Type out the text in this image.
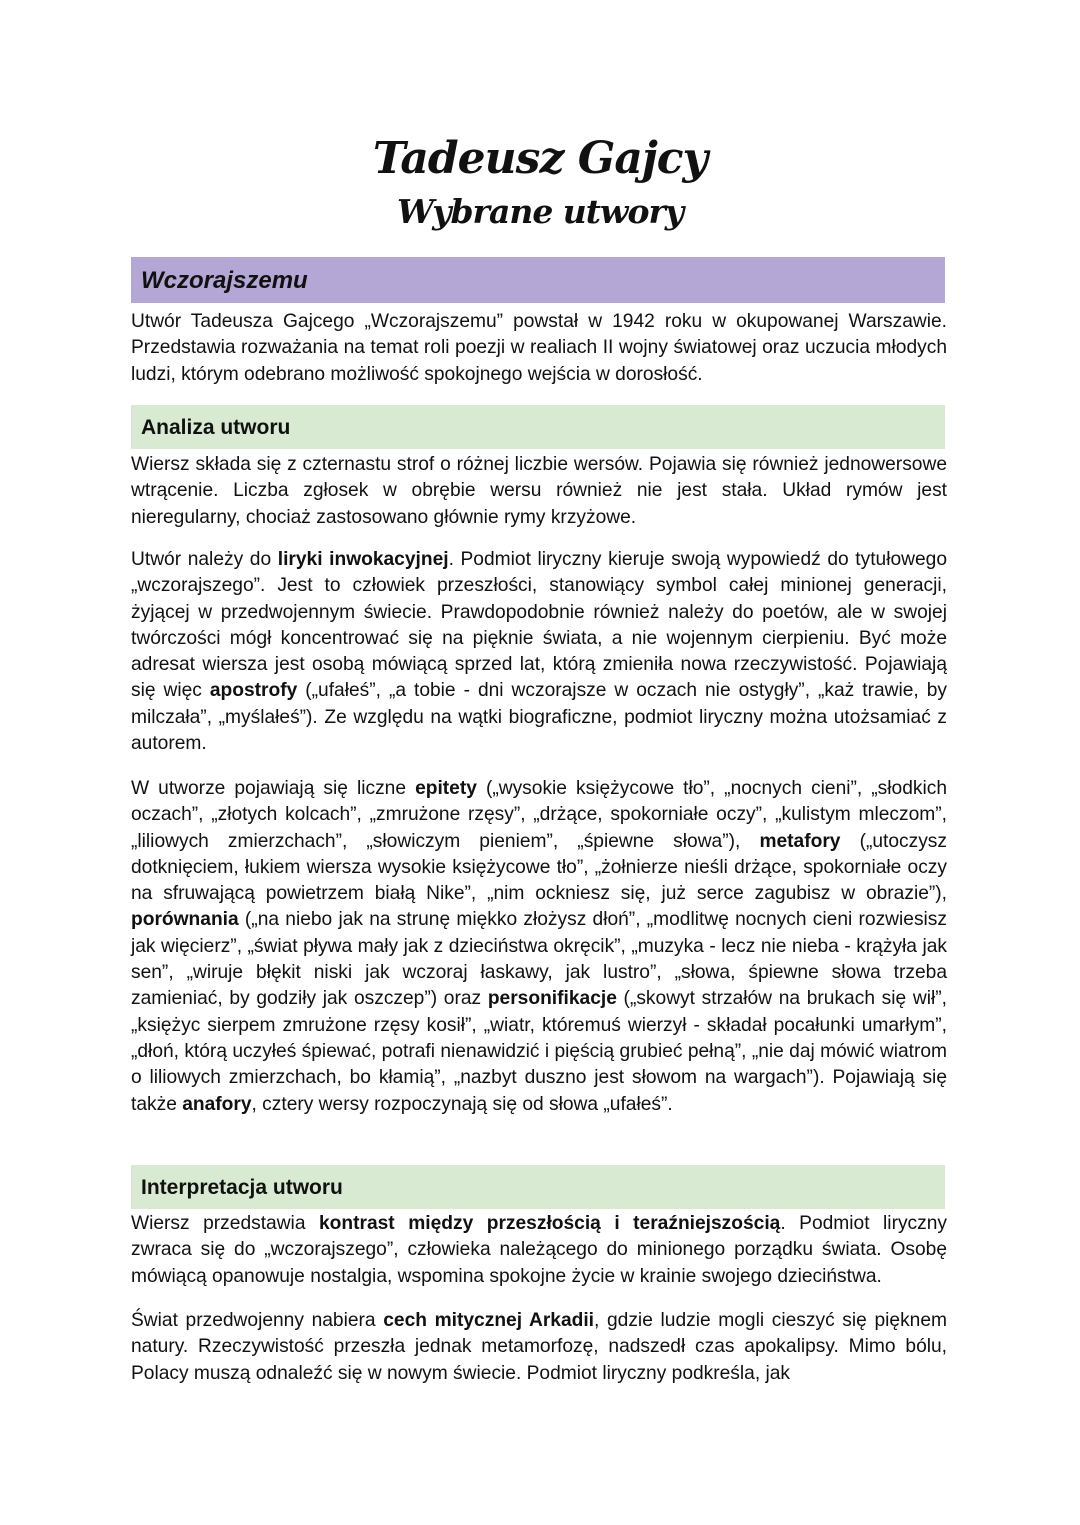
Tadeusz Gajcy
Wybrane utwory
Wczorajszemu

Utwór Tadeusza Gajcego „Wczorajszemu” powstał w 1942 roku w okupowanej Warszawie. Przedstawia rozważania na temat roli poezji w realiach II wojny światowej oraz uczucia młodych ludzi, którym odebrano możliwość spokojnego wejścia w dorosłość.

Analiza utworu

Wiersz składa się z czternastu strof o różnej liczbie wersów. Pojawia się również jednowersowe wtrącenie. Liczba zgłosek w obrębie wersu również nie jest stała. Układ rymów jest nieregularny, chociaż zastosowano głównie rymy krzyżowe.

Utwór należy do liryki inwokacyjnej. Podmiot liryczny kieruje swoją wypowiedź do tytułowego „wczorajszego”. Jest to człowiek przeszłości, stanowiący symbol całej minionej generacji, żyjącej w przedwojennym świecie. Prawdopodobnie również należy do poetów, ale w swojej twórczości mógł koncentrować się na pięknie świata, a nie wojennym cierpieniu. Być może adresat wiersza jest osobą mówiącą sprzed lat, którą zmieniła nowa rzeczywistość. Pojawiają się więc apostrofy („ufałeś”, „a tobie - dni wczorajsze w oczach nie ostygły”, „każ trawie, by milczała”, „myślałeś”). Ze względu na wątki biograficzne, podmiot liryczny można utożsamiać z autorem.

W utworze pojawiają się liczne epitety („wysokie księżycowe tło”, „nocnych cieni”, „słodkich oczach”, „złotych kolcach”, „zmrużone rzęsy”, „drżące, spokorniałe oczy”, „kulistym mleczom”, „liliowych zmierzchach”, „słowiczym pieniem”, „śpiewne słowa”), metafory („utoczysz dotknięciem, łukiem wiersza wysokie księżycowe tło”, „żołnierze nieśli drżące, spokorniałe oczy na sfruwającą powietrzem białą Nike”, „nim ockniesz się, już serce zagubisz w obrazie”), porównania („na niebo jak na strunę miękko złożysz dłoń”, „modlitwę nocnych cieni rozwiesisz jak więcierz”, „świat pływa mały jak z dzieciństwa okręcik”, „muzyka - lecz nie nieba - krążyła jak sen”, „wiruje błękit niski jak wczoraj łaskawy, jak lustro”, „słowa, śpiewne słowa trzeba zamieniać, by godziły jak oszczep”) oraz personifikacje („skowyt strzałów na brukach się wił”, „księżyc sierpem zmrużone rzęsy kosił”, „wiatr, któremuś wierzył - składał pocałunki umarłym”, „dłoń, którą uczyłeś śpiewać, potrafi nienawidzić i pięścią grubieć pełną”, „nie daj mówić wiatrom o liliowych zmierzchach, bo kłamią”, „nazbyt duszno jest słowom na wargach”). Pojawiają się także anafory, cztery wersy rozpoczynają się od słowa „ufałeś”.

Interpretacja utworu

Wiersz przedstawia kontrast między przeszłością i teraźniejszością. Podmiot liryczny zwraca się do „wczorajszego”, człowieka należącego do minionego porządku świata. Osobę mówiącą opanowuje nostalgia, wspomina spokojne życie w krainie swojego dzieciństwa.

Świat przedwojenny nabiera cech mitycznej Arkadii, gdzie ludzie mogli cieszyć się pięknem natury. Rzeczywistość przeszła jednak metamorfozę, nadszedł czas apokalipsy. Mimo bólu, Polacy muszą odnaleźć się w nowym świecie. Podmiot liryczny podkreśla, jak
